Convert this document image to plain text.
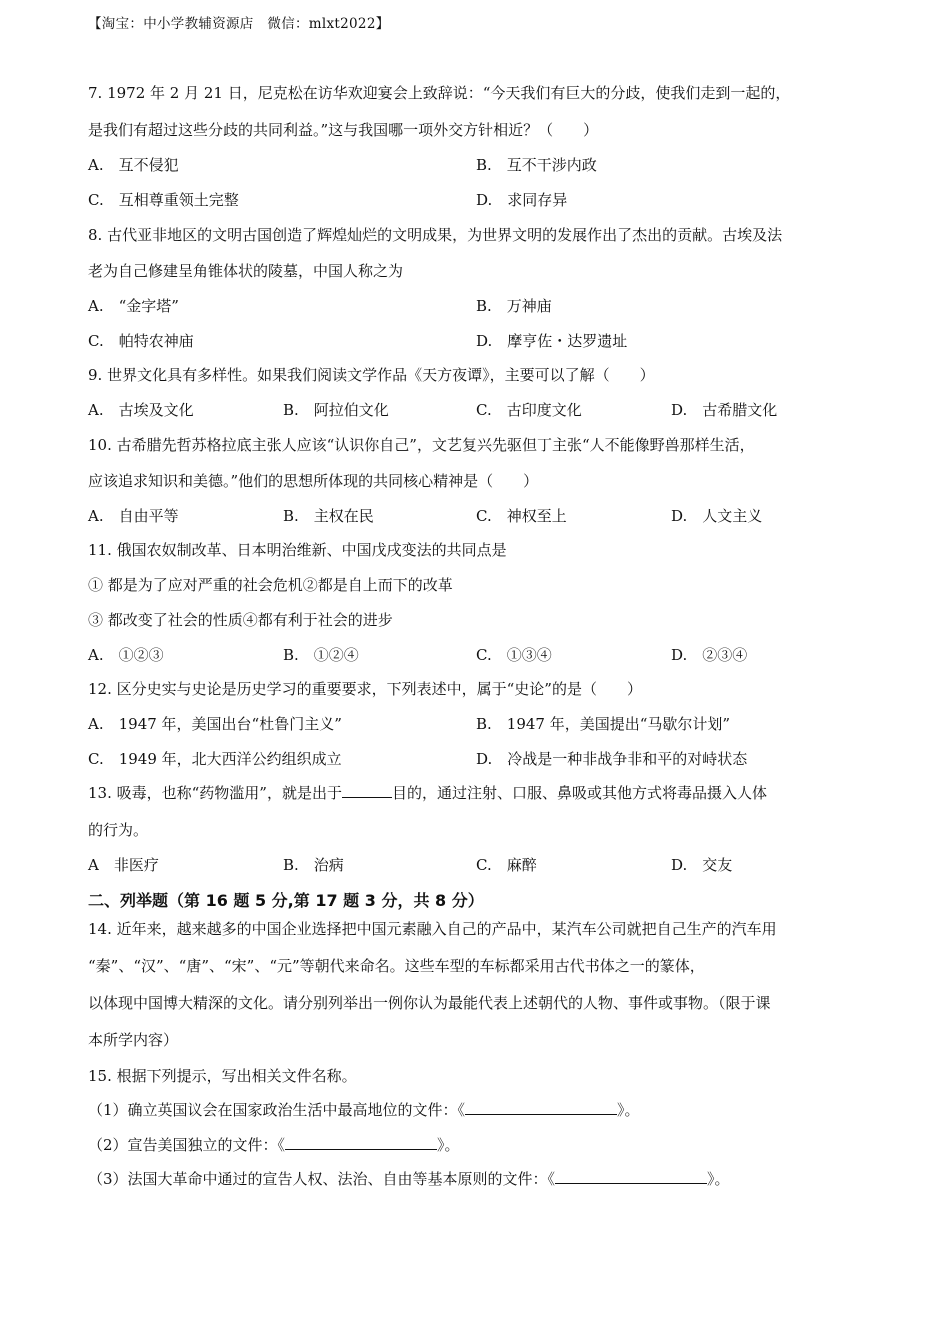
【淘宝：中小学教辅资源店　微信：mlxt2022】
7. 1972 年 2 月 21 日，尼克松在访华欢迎宴会上致辞说：“今天我们有巨大的分歧，使我们走到一起的，
是我们有超过这些分歧的共同利益。”这与我国哪一项外交方针相近？（　　）
A.　互不侵犯	B.　互不干涉内政
C.　互相尊重领土完整	D.　求同存异
8. 古代亚非地区的文明古国创造了辉煌灿烂的文明成果，为世界文明的发展作出了杰出的贡献。古埃及法
老为自己修建呈角锥体状的陵墓，中国人称之为
A.　“金字塔”	B.　万神庙
C.　帕特农神庙	D.　摩亨佐・达罗遗址
9. 世界文化具有多样性。如果我们阅读文学作品《天方夜谭》，主要可以了解（　　）
A.　古埃及文化	B.　阿拉伯文化	C.　古印度文化	D.　古希腊文化
10. 古希腊先哲苏格拉底主张人应该“认识你自己”，文艺复兴先驱但丁主张“人不能像野兽那样生活，
应该追求知识和美德。”他们的思想所体现的共同核心精神是（　　）
A.　自由平等	B.　主权在民	C.　神权至上	D.　人文主义
11. 俄国农奴制改革、日本明治维新、中国戊戌变法的共同点是
① 都是为了应对严重的社会危机②都是自上而下的改革
③ 都改变了社会的性质④都有利于社会的进步
A.　①②③	B.　①②④	C.　①③④	D.　②③④
12. 区分史实与史论是历史学习的重要要求，下列表述中，属于“史论”的是（　　）
A.　1947 年，美国出台“杜鲁门主义”	B.　1947 年，美国提出“马歇尔计划”
C.　1949 年，北大西洋公约组织成立	D.　冷战是一种非战争非和平的对峙状态
13. 吸毒，也称“药物滥用”，就是出于	目的，通过注射、口服、鼻吸或其他方式将毒品摄入人体
的行为。
A　非医疗	B.　治病	C.　麻醉	D.　交友
二、列举题（第 16 题 5 分,第 17 题 3 分，共 8 分）
14. 近年来，越来越多的中国企业选择把中国元素融入自己的产品中，某汽车公司就把自己生产的汽车用
“秦”、“汉”、“唐”、“宋”、“元”等朝代来命名。这些车型的车标都采用古代书体之一的篆体，
以体现中国博大精深的文化。请分别列举出一例你认为最能代表上述朝代的人物、事件或事物。（限于课
本所学内容）
15. 根据下列提示，写出相关文件名称。
（1）确立英国议会在国家政治生活中最高地位的文件：《	》。
（2）宣告美国独立的文件：《	》。
（3）法国大革命中通过的宣告人权、法治、自由等基本原则的文件：《	》。
